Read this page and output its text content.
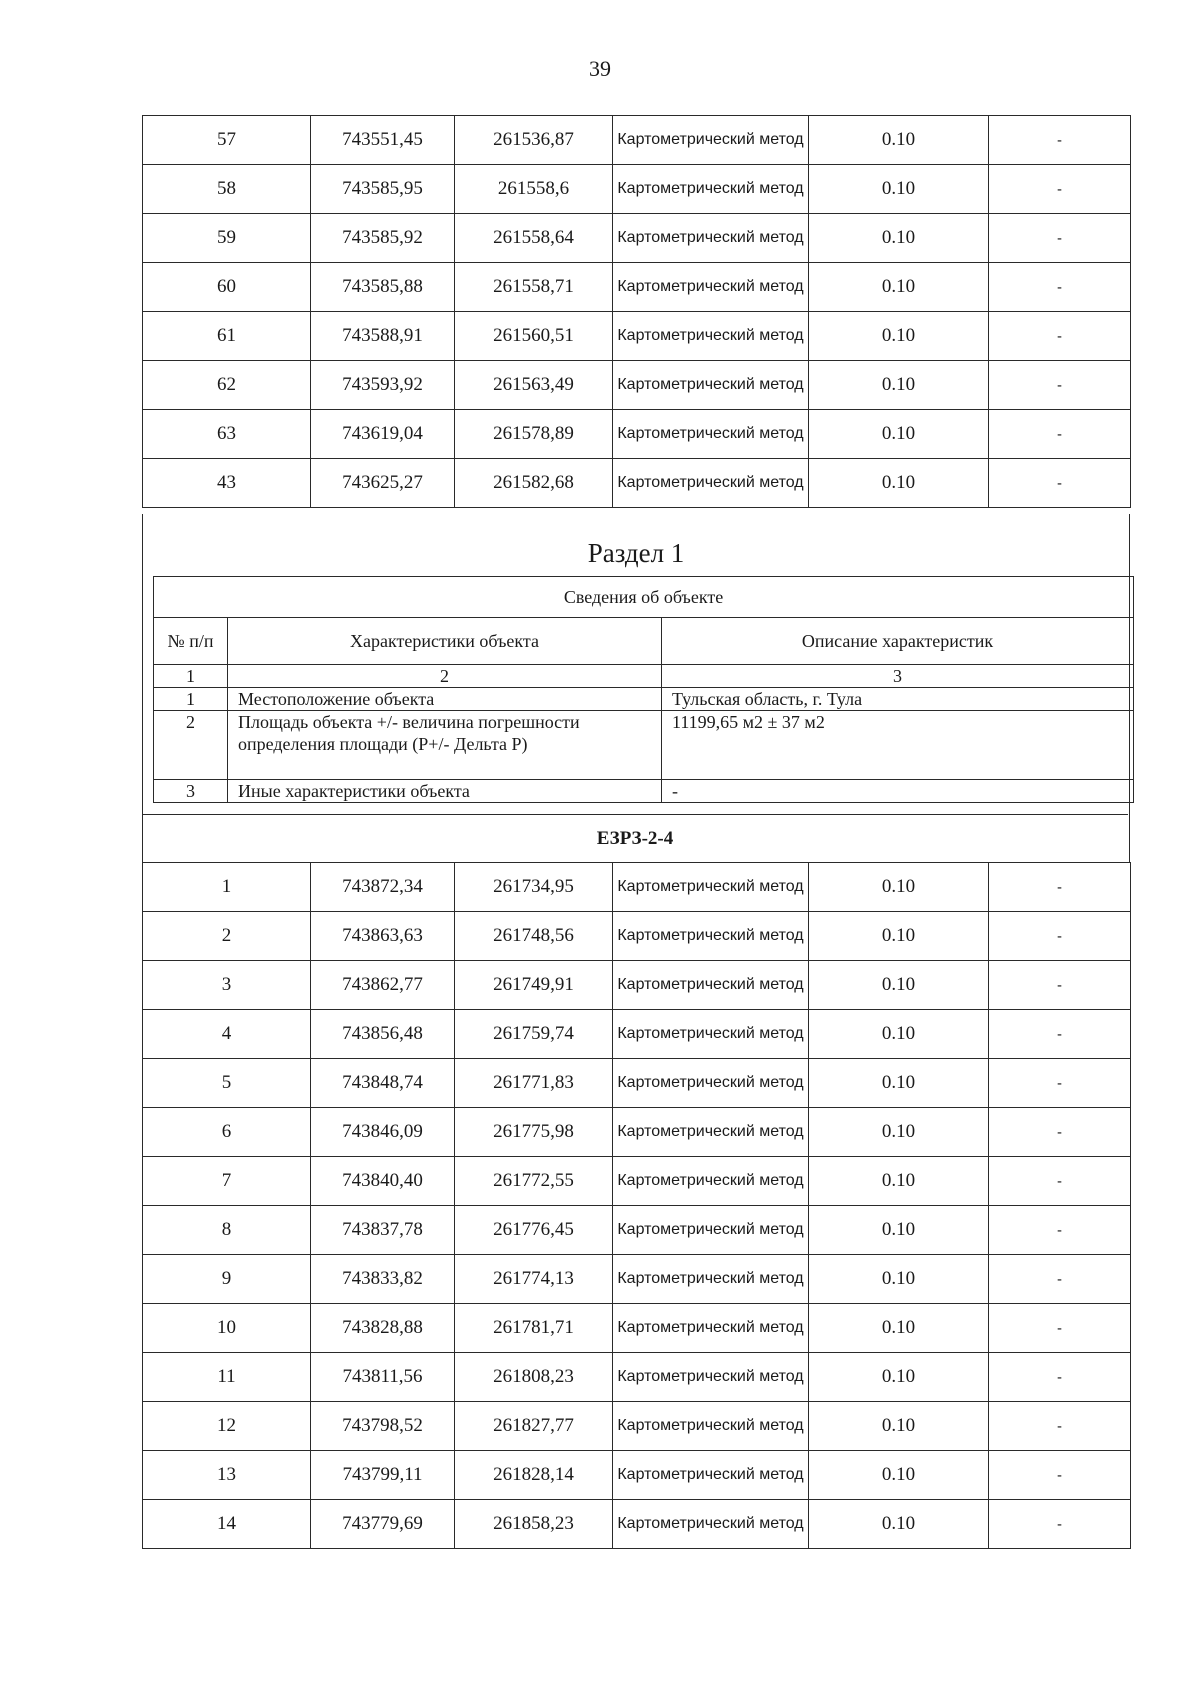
39
57	743551,45	261536,87	Картометрический метод	0.10	-
58	743585,95	261558,6	Картометрический метод	0.10	-
59	743585,92	261558,64	Картометрический метод	0.10	-
60	743585,88	261558,71	Картометрический метод	0.10	-
61	743588,91	261560,51	Картометрический метод	0.10	-
62	743593,92	261563,49	Картометрический метод	0.10	-
63	743619,04	261578,89	Картометрический метод	0.10	-
43	743625,27	261582,68	Картометрический метод	0.10	-
Раздел 1
Сведения об объекте		
№ п/п	Характеристики объекта	Описание характеристик
1	2	3
1	Местоположение объекта	Тульская область, г. Тула
2	Площадь объекта +/- величина погрешности определения площади (Р+/- Дельта Р)	11199,65 м2 ± 37 м2
3	Иные характеристики объекта	-
ЕЗРЗ-2-4
1	743872,34	261734,95	Картометрический метод	0.10	-
2	743863,63	261748,56	Картометрический метод	0.10	-
3	743862,77	261749,91	Картометрический метод	0.10	-
4	743856,48	261759,74	Картометрический метод	0.10	-
5	743848,74	261771,83	Картометрический метод	0.10	-
6	743846,09	261775,98	Картометрический метод	0.10	-
7	743840,40	261772,55	Картометрический метод	0.10	-
8	743837,78	261776,45	Картометрический метод	0.10	-
9	743833,82	261774,13	Картометрический метод	0.10	-
10	743828,88	261781,71	Картометрический метод	0.10	-
11	743811,56	261808,23	Картометрический метод	0.10	-
12	743798,52	261827,77	Картометрический метод	0.10	-
13	743799,11	261828,14	Картометрический метод	0.10	-
14	743779,69	261858,23	Картометрический метод	0.10	-
